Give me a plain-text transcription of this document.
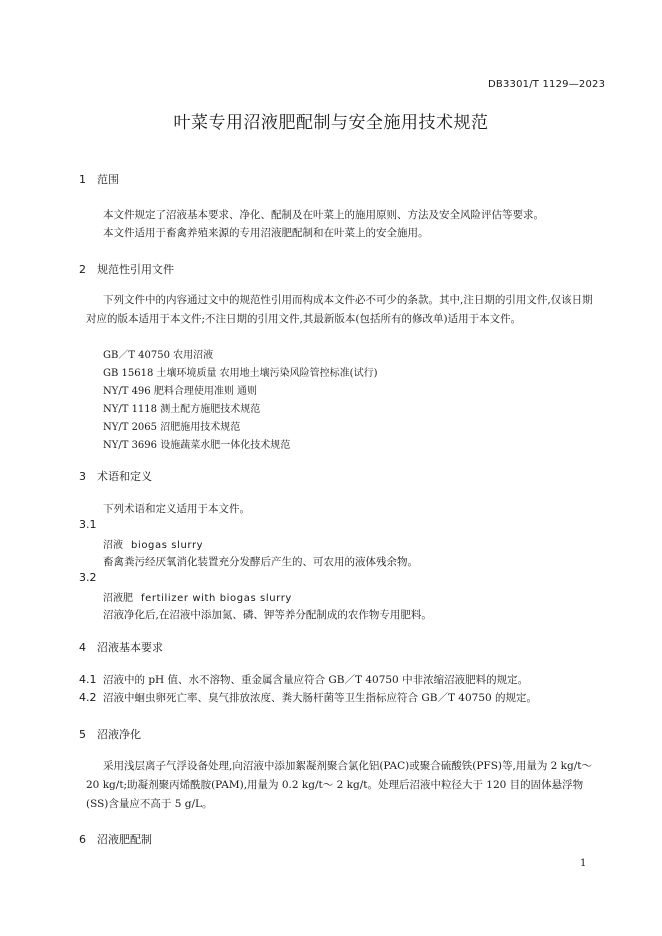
DB3301/T 1129—2023
叶菜专用沼液肥配制与安全施用技术规范
1 范围
本文件规定了沼液基本要求、净化、配制及在叶菜上的施用原则、方法及安全风险评估等要求。
本文件适用于畜禽养殖来源的专用沼液肥配制和在叶菜上的安全施用。
2 规范性引用文件
下列文件中的内容通过文中的规范性引用而构成本文件必不可少的条款。其中,注日期的引用文件,仅该日期对应的版本适用于本文件;不注日期的引用文件,其最新版本(包括所有的修改单)适用于本文件。
GB／T 40750 农用沼液
GB 15618 土壤环境质量 农用地土壤污染风险管控标准(试行)
NY/T 496 肥料合理使用准则 通则
NY/T 1118 测土配方施肥技术规范
NY/T 2065 沼肥施用技术规范
NY/T 3696 设施蔬菜水肥一体化技术规范
3 术语和定义
下列术语和定义适用于本文件。
3.1
沼液 biogas slurry
畜禽粪污经厌氧消化装置充分发酵后产生的、可农用的液体残余物。
3.2
沼液肥 fertilizer with biogas slurry
沼液净化后,在沼液中添加氮、磷、钾等养分配制成的农作物专用肥料。
4 沼液基本要求
4.1 沼液中的 pH 值、水不溶物、重金属含量应符合 GB／T 40750 中非浓缩沼液肥料的规定。
4.2 沼液中蛔虫卵死亡率、臭气排放浓度、粪大肠杆菌等卫生指标应符合 GB／T 40750 的规定。
5 沼液净化
采用浅层离子气浮设备处理,向沼液中添加絮凝剂聚合氯化铝(PAC)或聚合硫酸铁(PFS)等,用量为 2 kg/t～ 20 kg/t;助凝剂聚丙烯酰胺(PAM),用量为 0.2 kg/t～ 2 kg/t。处理后沼液中粒径大于 120 目的固体悬浮物(SS)含量应不高于 5 g/L。
6 沼液肥配制
1
